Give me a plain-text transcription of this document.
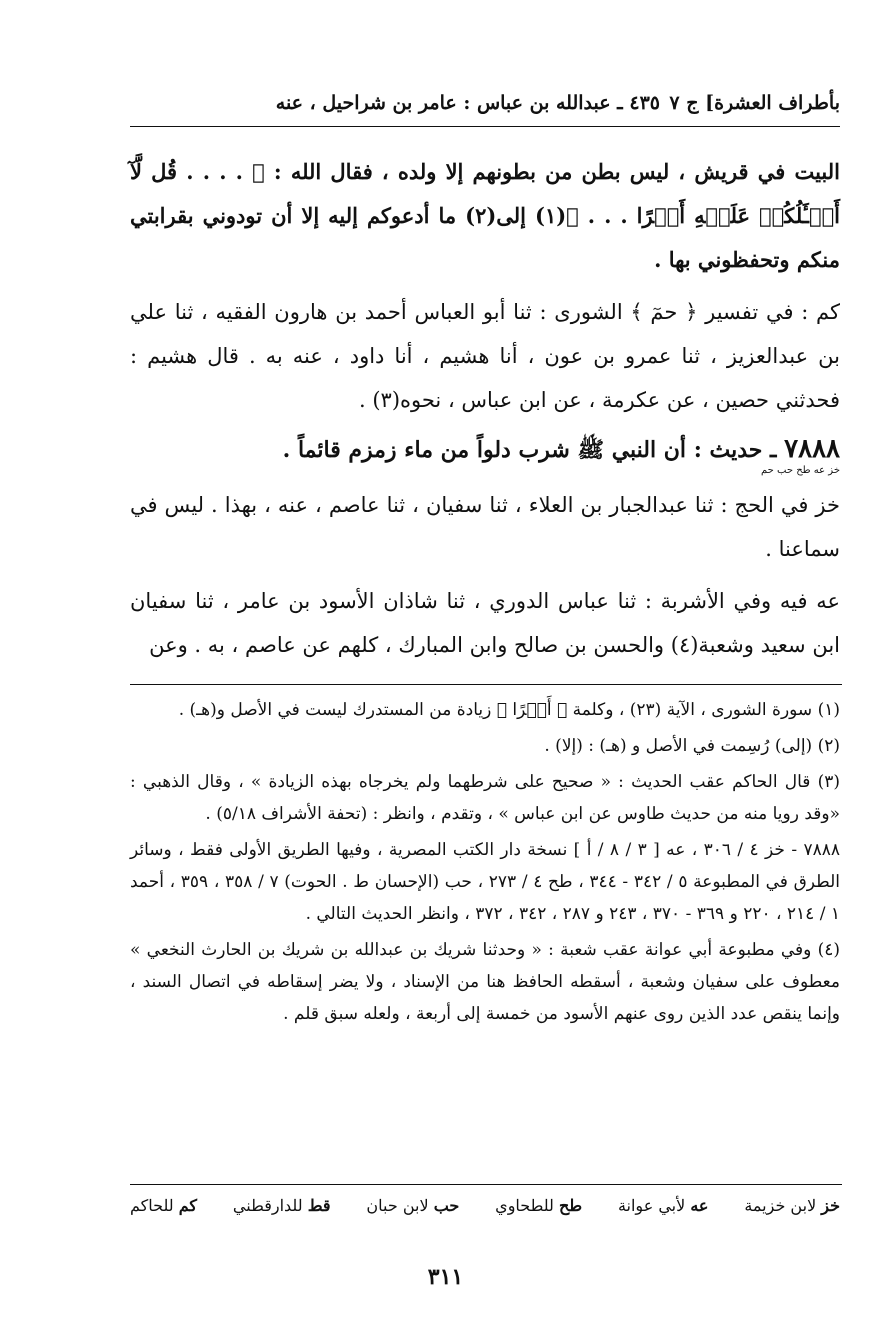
بأطراف العشرة] ج ٧
٤٣٥ ـ عبدالله بن عباس : عامر بن شراحيل ، عنه

البيت في قريش ، ليس بطن من بطونهم إلا ولده ، فقال الله : ﴿ . . . . قُل لَّآ أَسۡـَٔلُكُمۡ عَلَيۡهِ أَجۡرًا . . . ﴾(١) إلى(٢) ما أدعوكم إليه إلا أن تودوني بقرابتي منكم وتحفظوني بها .

كم : في تفسير ﴿ حمٓ ﴾ الشورى : ثنا أبو العباس أحمد بن هارون الفقيه ، ثنا علي بن عبدالعزيز ، ثنا عمرو بن عون ، أنا هشيم ، أنا داود ، عنه به . قال هشيم : فحدثني حصين ، عن عكرمة ، عن ابن عباس ، نحوه(٣) .

٧٨٨٨ ـ حديث : أن النبي ﷺ شرب دلواً من ماء زمزم قائماً .
خز عه طح حب حم

خز في الحج : ثنا عبدالجبار بن العلاء ، ثنا سفيان ، ثنا عاصم ، عنه ، بهذا . ليس في سماعنا .

عه فيه وفي الأشربة : ثنا عباس الدوري ، ثنا شاذان الأسود بن عامر ، ثنا سفيان ابن سعيد وشعبة(٤) والحسن بن صالح وابن المبارك ، كلهم عن عاصم ، به . وعن

(١) سورة الشورى ، الآية (٢٣) ، وكلمة ﴿ أَجۡرًا ﴾ زيادة من المستدرك ليست في الأصل و(هـ) .

(٢) (إلى) رُسِمت في الأصل و (هـ) : (إلا) .

(٣) قال الحاكم عقب الحديث : « صحيح على شرطهما ولم يخرجاه بهذه الزيادة » ، وقال الذهبي : «وقد رويا منه من حديث طاوس عن ابن عباس » ، وتقدم ، وانظر : (تحفة الأشراف ٥/١٨) .

٧٨٨٨ - خز ٤ / ٣٠٦ ، عه [ ٣ / ٨ / أ ] نسخة دار الكتب المصرية ، وفيها الطريق الأولى فقط ، وسائر الطرق في المطبوعة ٥ / ٣٤٢ - ٣٤٤ ، طح ٤ / ٢٧٣ ، حب (الإحسان ط . الحوت) ٧ / ٣٥٨ ، ٣٥٩ ، أحمد ١ / ٢١٤ ، ٢٢٠ و ٣٦٩ - ٣٧٠ ، ٢٤٣ و ٢٨٧ ، ٣٤٢ ، ٣٧٢ ، وانظر الحديث التالي .

(٤) وفي مطبوعة أبي عوانة عقب شعبة : « وحدثنا شريك بن عبدالله بن شريك بن الحارث النخعي » معطوف على سفيان وشعبة ، أسقطه الحافظ هنا من الإسناد ، ولا يضر إسقاطه في اتصال السند ، وإنما ينقص عدد الذين روى عنهم الأسود من خمسة إلى أربعة ، ولعله سبق قلم .

خز لابن خزيمة
عه لأبي عوانة
طح للطحاوي
حب لابن حبان
قط للدارقطني
كم للحاكم
٣١١
